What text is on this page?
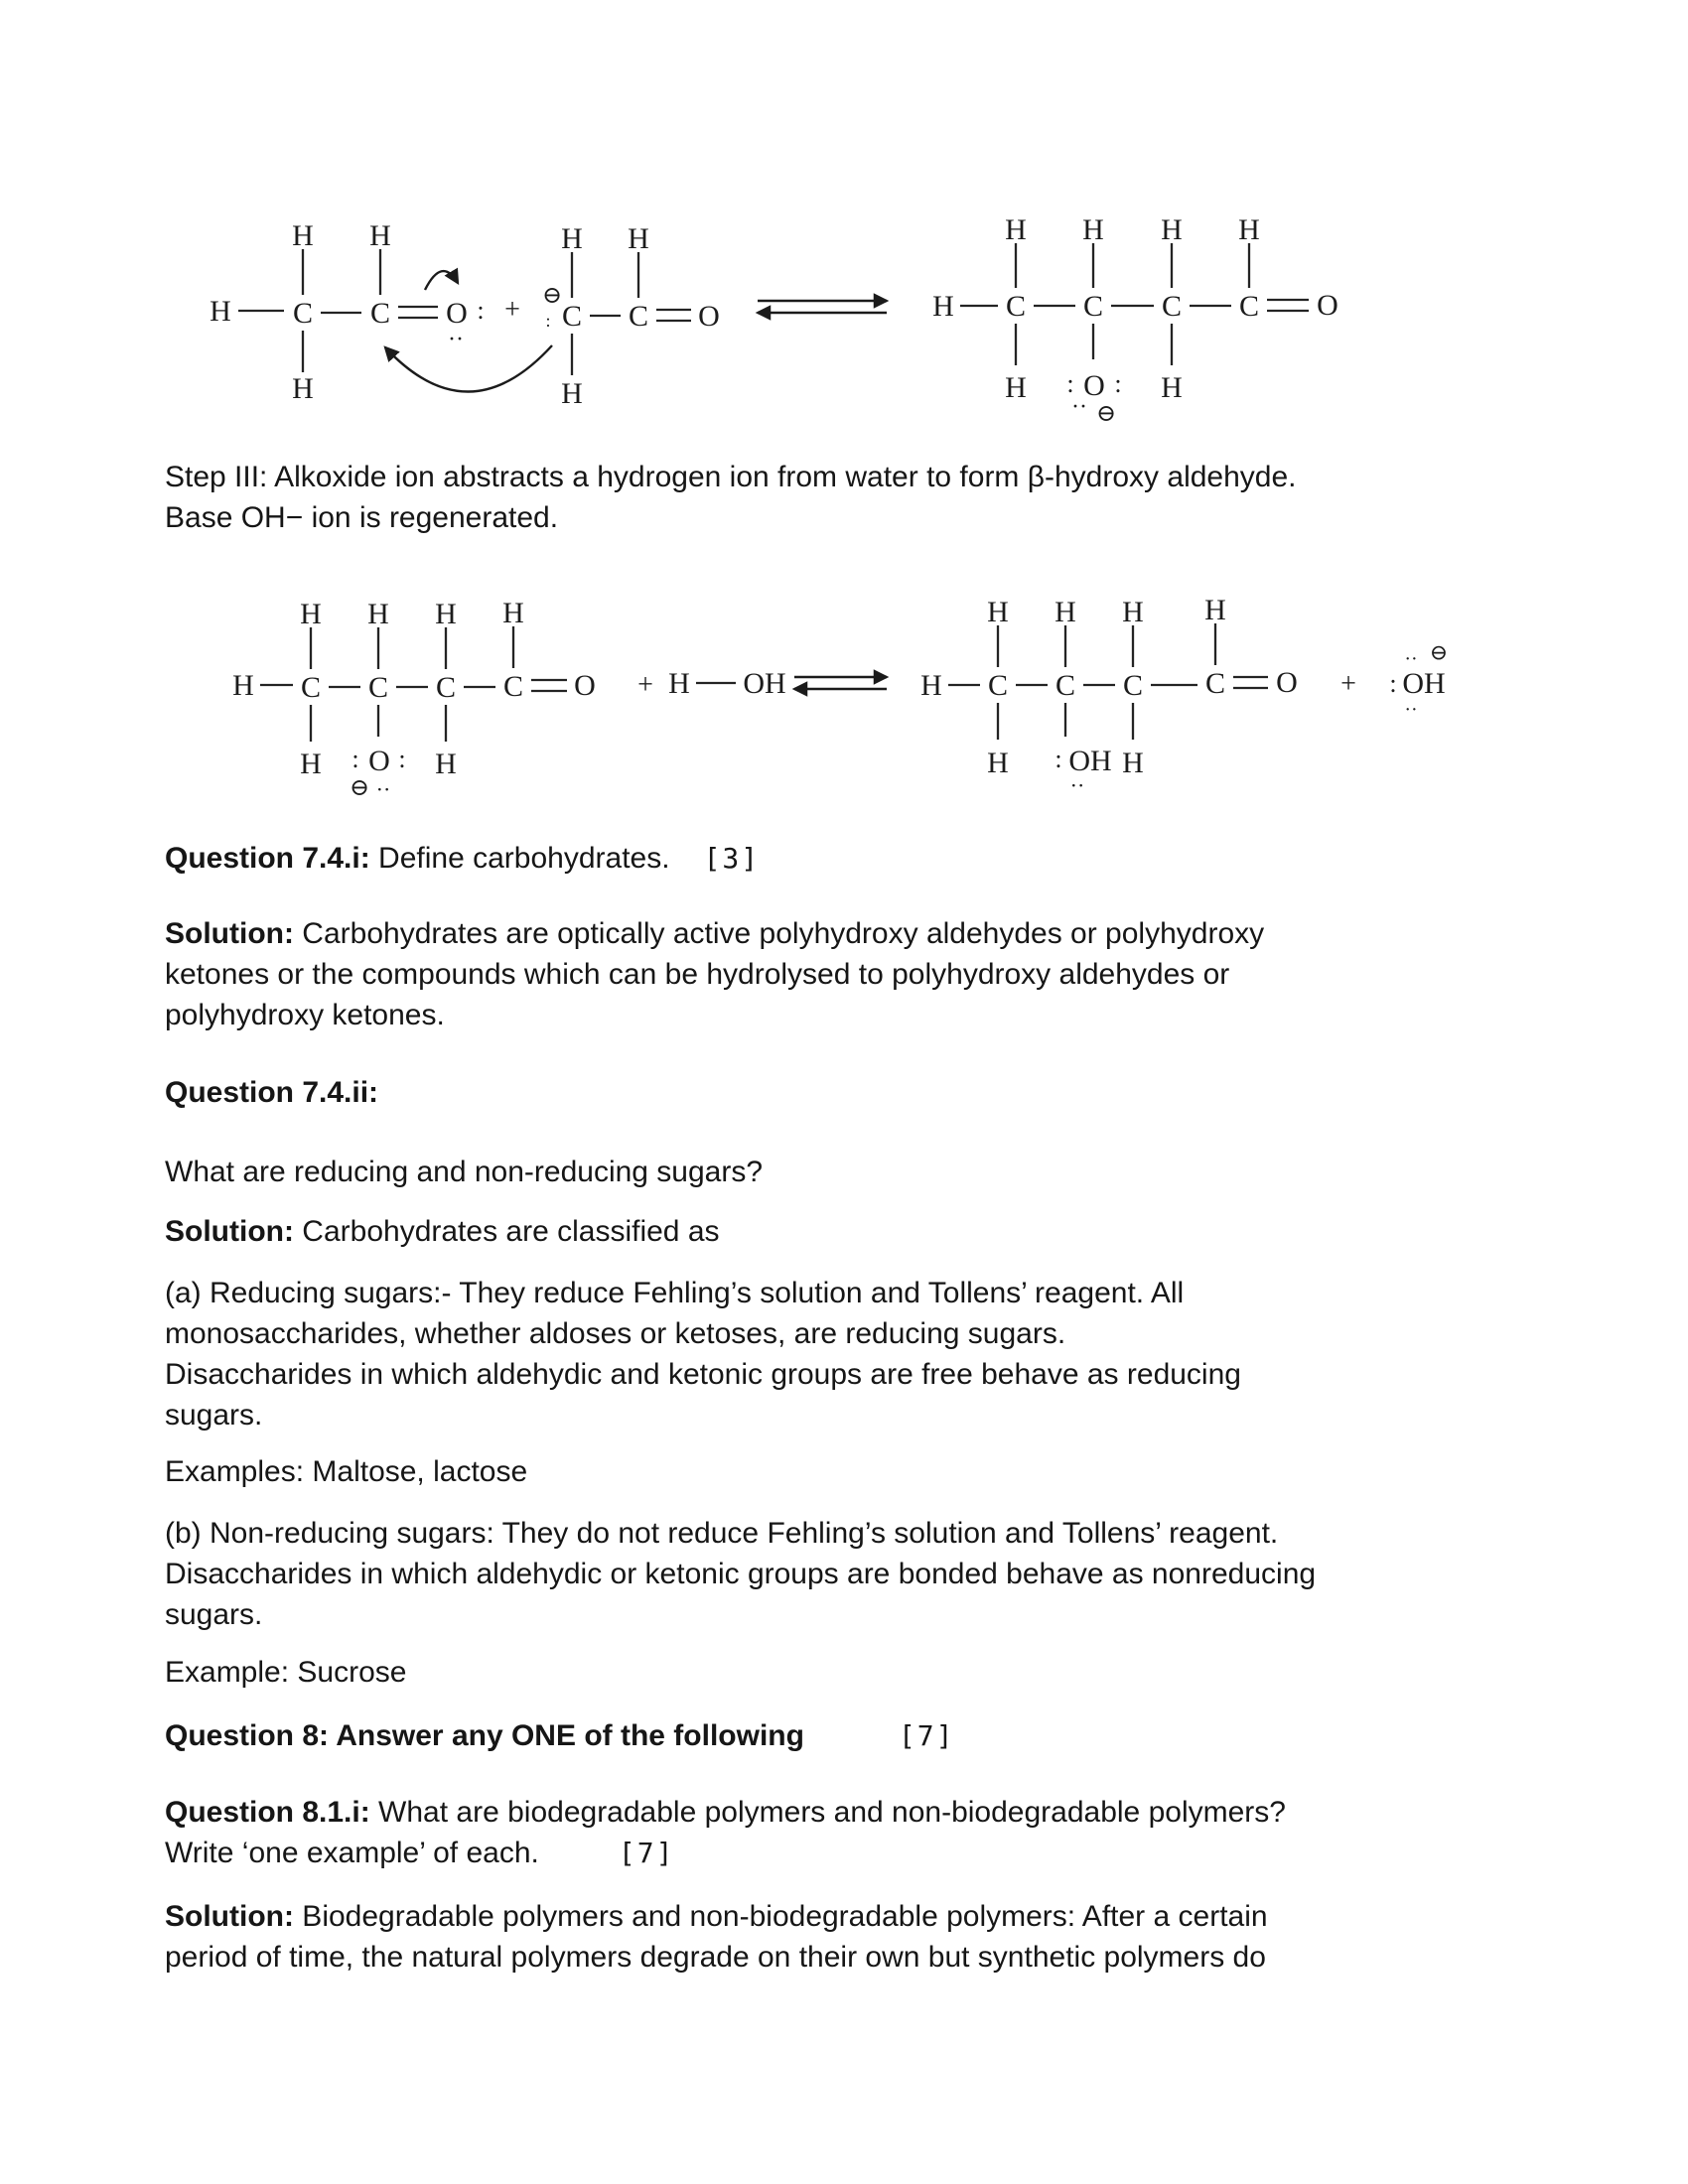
H C
H
H
C
H
O :
··
+ ⊖
: C
H
H
C
H
O	H C
H
H
C
H
O
: :
·· ⊖
C
H
H
C
H
O
H C
H
H
C
H
O
: :
⊖ ··
C
H
H
C
H
O + H OH	H C
H
H
C
H
: OH
··
C
H
H
C
H
O + : OH
⊖
··
··
Step III: Alkoxide ion abstracts a hydrogen ion from water to form β-hydroxy aldehyde.
Base OH− ion is regenerated.
Question 7.4.i: Define carbohydrates. [3]
Solution: Carbohydrates are optically active polyhydroxy aldehydes or polyhydroxy
ketones or the compounds which can be hydrolysed to polyhydroxy aldehydes or
polyhydroxy ketones.
Question 7.4.ii:
What are reducing and non-reducing sugars?
Solution: Carbohydrates are classified as
(a) Reducing sugars:- They reduce Fehling’s solution and Tollens’ reagent. All
monosaccharides, whether aldoses or ketoses, are reducing sugars.
Disaccharides in which aldehydic and ketonic groups are free behave as reducing
sugars.
Examples: Maltose, lactose
(b) Non-reducing sugars: They do not reduce Fehling’s solution and Tollens’ reagent.
Disaccharides in which aldehydic or ketonic groups are bonded behave as nonreducing
sugars.
Example: Sucrose
Question 8: Answer any ONE of the following	[7]
Question 8.1.i: What are biodegradable polymers and non-biodegradable polymers?
Write ‘one example’ of each.	[7]
Solution: Biodegradable polymers and non-biodegradable polymers: After a certain
period of time, the natural polymers degrade on their own but synthetic polymers do
